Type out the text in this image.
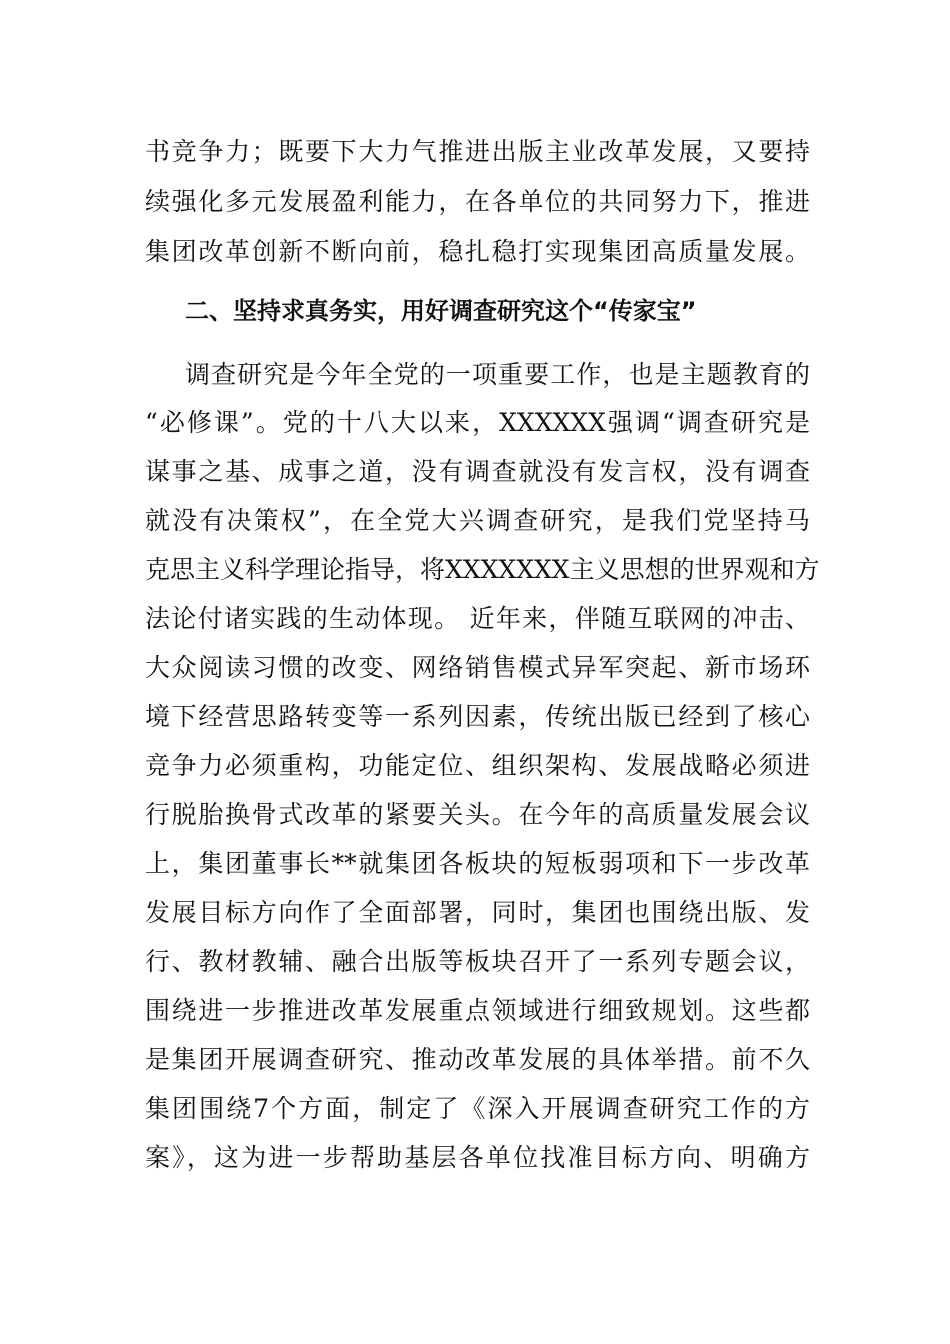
书竞争力；既要下大力气推进出版主业改革发展，又要持
续强化多元发展盈利能力，在各单位的共同努力下，推进
集团改革创新不断向前，稳扎稳打实现集团高质量发展。
二、坚持求真务实，用好调查研究这个“传家宝”
调查研究是今年全党的一项重要工作，也是主题教育的
“必修课”。党的十八大以来，XXXXXX强调“调查研究是
谋事之基、成事之道，没有调查就没有发言权，没有调查
就没有决策权”，在全党大兴调查研究，是我们党坚持马
克思主义科学理论指导，将XXXXXXX主义思想的世界观和方
法论付诸实践的生动体现。 近年来，伴随互联网的冲击、
大众阅读习惯的改变、网络销售模式异军突起、新市场环
境下经营思路转变等一系列因素，传统出版已经到了核心
竞争力必须重构，功能定位、组织架构、发展战略必须进
行脱胎换骨式改革的紧要关头。在今年的高质量发展会议
上，集团董事长**就集团各板块的短板弱项和下一步改革
发展目标方向作了全面部署，同时，集团也围绕出版、发
行、教材教辅、融合出版等板块召开了一系列专题会议，
围绕进一步推进改革发展重点领域进行细致规划。这些都
是集团开展调查研究、推动改革发展的具体举措。前不久
集团围绕7个方面，制定了《深入开展调查研究工作的方
案》，这为进一步帮助基层各单位找准目标方向、明确方
